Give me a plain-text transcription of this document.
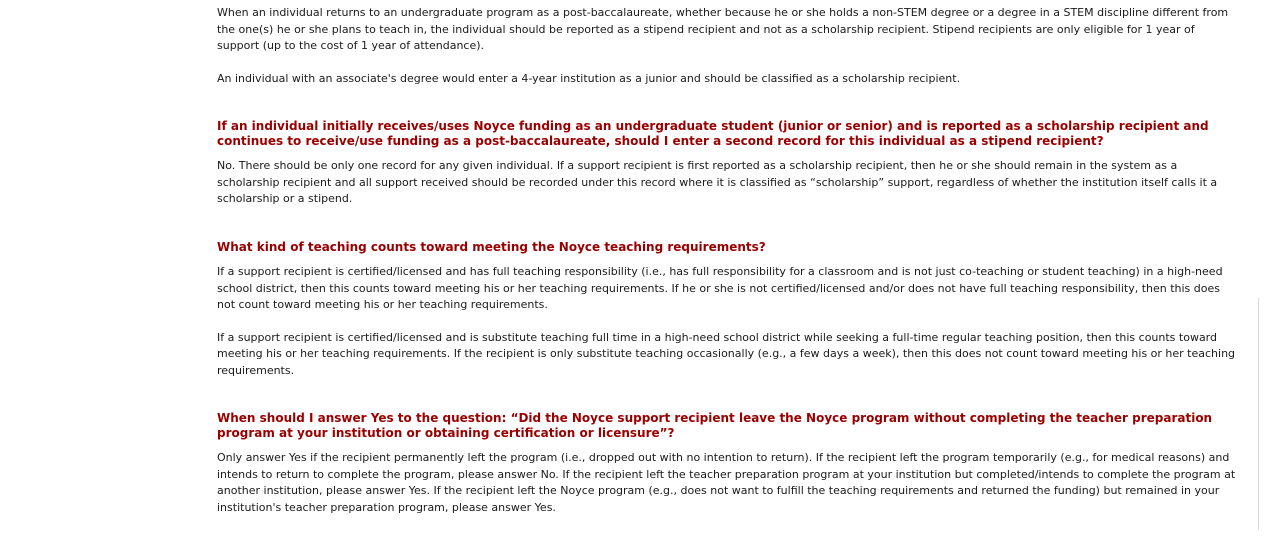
When an individual returns to an undergraduate program as a post-baccalaureate, whether because he or she holds a non-STEM degree or a degree in a STEM discipline different from the one(s) he or she plans to teach in, the individual should be reported as a stipend recipient and not as a scholarship recipient. Stipend recipients are only eligible for 1 year of support (up to the cost of 1 year of attendance).

An individual with an associate's degree would enter a 4-year institution as a junior and should be classified as a scholarship recipient.

If an individual initially receives/uses Noyce funding as an undergraduate student (junior or senior) and is reported as a scholarship recipient and continues to receive/use funding as a post-baccalaureate, should I enter a second record for this individual as a stipend recipient?

No. There should be only one record for any given individual. If a support recipient is first reported as a scholarship recipient, then he or she should remain in the system as a scholarship recipient and all support received should be recorded under this record where it is classified as “scholarship” support, regardless of whether the institution itself calls it a scholarship or a stipend.

What kind of teaching counts toward meeting the Noyce teaching requirements?

If a support recipient is certified/licensed and has full teaching responsibility (i.e., has full responsibility for a classroom and is not just co-teaching or student teaching) in a high-need school district, then this counts toward meeting his or her teaching requirements. If he or she is not certified/licensed and/or does not have full teaching responsibility, then this does not count toward meeting his or her teaching requirements.

If a support recipient is certified/licensed and is substitute teaching full time in a high-need school district while seeking a full-time regular teaching position, then this counts toward meeting his or her teaching requirements. If the recipient is only substitute teaching occasionally (e.g., a few days a week), then this does not count toward meeting his or her teaching requirements.

When should I answer Yes to the question: “Did the Noyce support recipient leave the Noyce program without completing the teacher preparation program at your institution or obtaining certification or licensure”?

Only answer Yes if the recipient permanently left the program (i.e., dropped out with no intention to return). If the recipient left the program temporarily (e.g., for medical reasons) and intends to return to complete the program, please answer No. If the recipient left the teacher preparation program at your institution but completed/intends to complete the program at another institution, please answer Yes. If the recipient left the Noyce program (e.g., does not want to fulfill the teaching requirements and returned the funding) but remained in your institution's teacher preparation program, please answer Yes.
